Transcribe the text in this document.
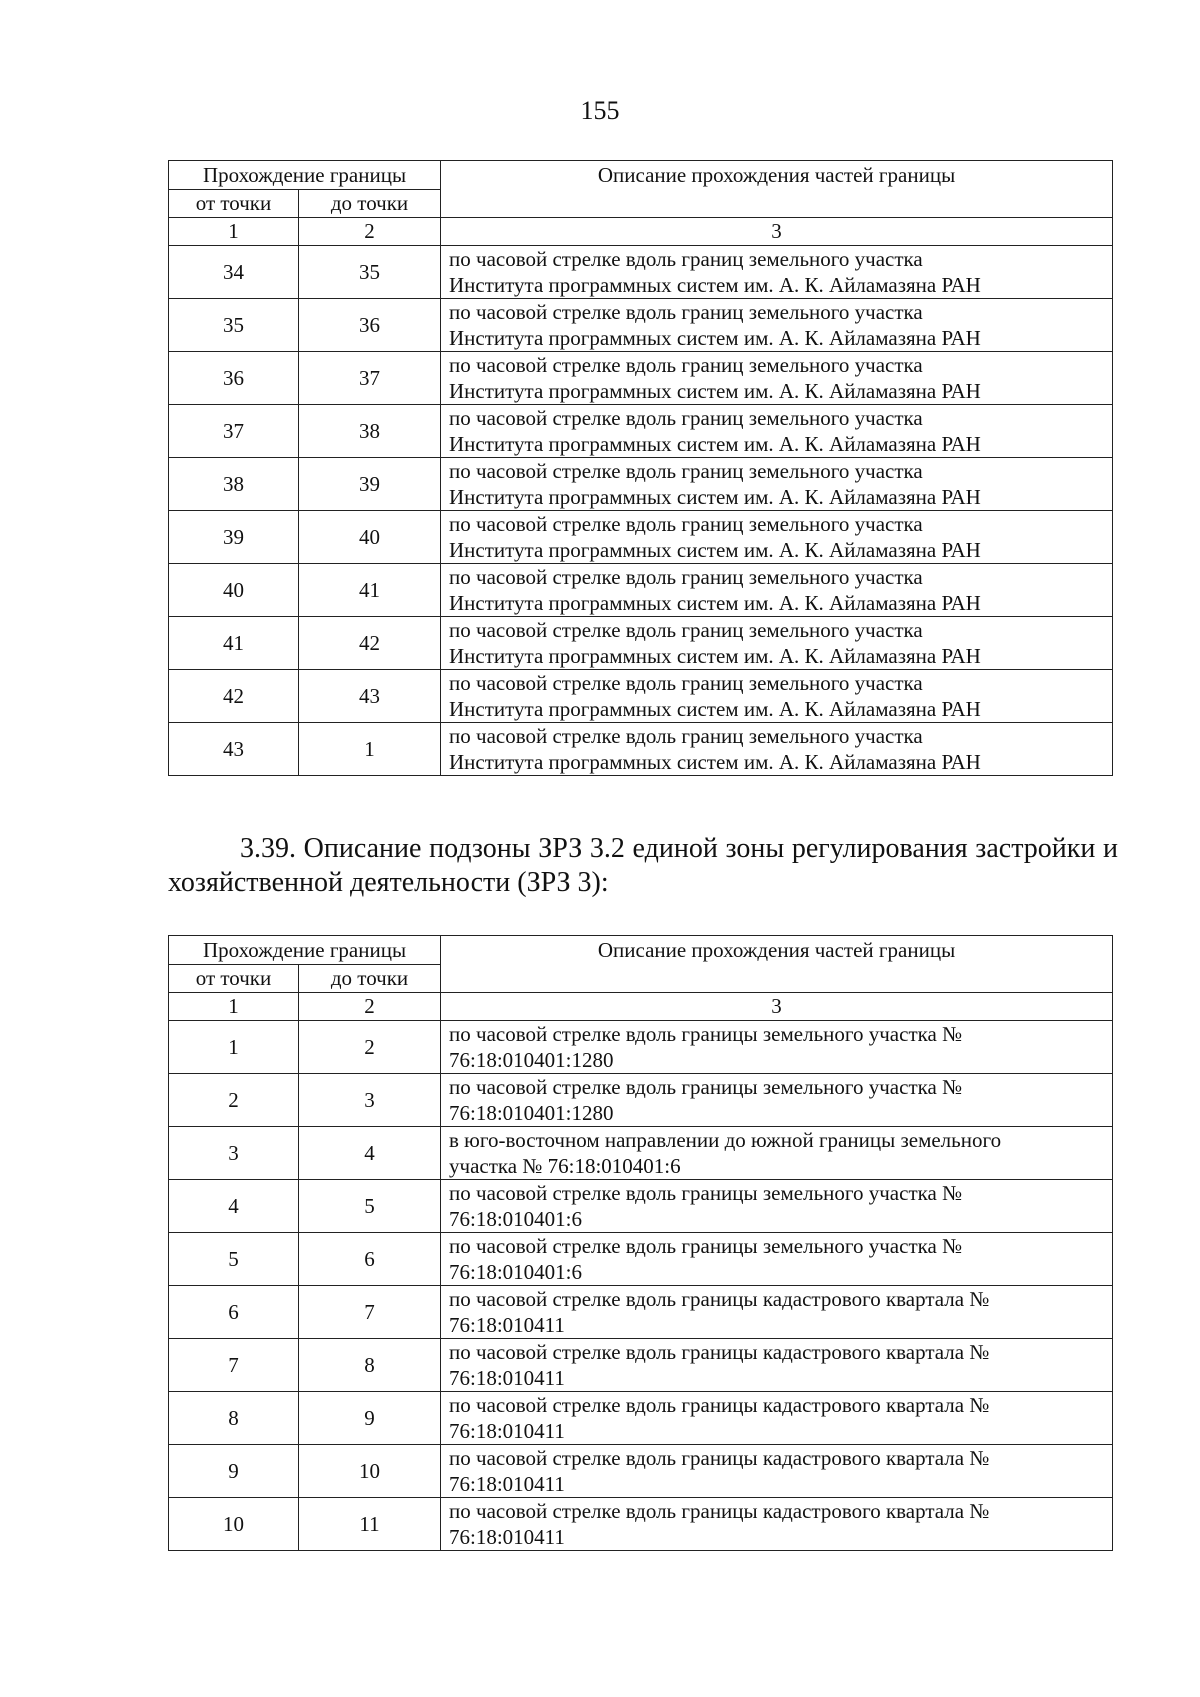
155
Прохождение границы		Описание прохождения частей границы
от точки	до точки	
1	2	3
34	35	по часовой стрелке вдоль границ земельного участка
Института программных систем им. А. К. Айламазяна РАН

35	36	по часовой стрелке вдоль границ земельного участка
Института программных систем им. А. К. Айламазяна РАН

36	37	по часовой стрелке вдоль границ земельного участка
Института программных систем им. А. К. Айламазяна РАН

37	38	по часовой стрелке вдоль границ земельного участка
Института программных систем им. А. К. Айламазяна РАН

38	39	по часовой стрелке вдоль границ земельного участка
Института программных систем им. А. К. Айламазяна РАН

39	40	по часовой стрелке вдоль границ земельного участка
Института программных систем им. А. К. Айламазяна РАН

40	41	по часовой стрелке вдоль границ земельного участка
Института программных систем им. А. К. Айламазяна РАН

41	42	по часовой стрелке вдоль границ земельного участка
Института программных систем им. А. К. Айламазяна РАН

42	43	по часовой стрелке вдоль границ земельного участка
Института программных систем им. А. К. Айламазяна РАН

43	1	по часовой стрелке вдоль границ земельного участка
Института программных систем им. А. К. Айламазяна РАН
3.39. Описание подзоны ЗРЗ 3.2 единой зоны регулирования застройки и хозяйственной деятельности (ЗРЗ 3):
Прохождение границы		Описание прохождения частей границы
от точки	до точки	
1	2	3
1	2	по часовой стрелке вдоль границы земельного участка №
76:18:010401:1280

2	3	по часовой стрелке вдоль границы земельного участка №
76:18:010401:1280

3	4	в юго-восточном направлении до южной границы земельного
участка № 76:18:010401:6

4	5	по часовой стрелке вдоль границы земельного участка №
76:18:010401:6

5	6	по часовой стрелке вдоль границы земельного участка №
76:18:010401:6

6	7	по часовой стрелке вдоль границы кадастрового квартала №
76:18:010411

7	8	по часовой стрелке вдоль границы кадастрового квартала №
76:18:010411

8	9	по часовой стрелке вдоль границы кадастрового квартала №
76:18:010411

9	10	по часовой стрелке вдоль границы кадастрового квартала №
76:18:010411

10	11	по часовой стрелке вдоль границы кадастрового квартала №
76:18:010411
